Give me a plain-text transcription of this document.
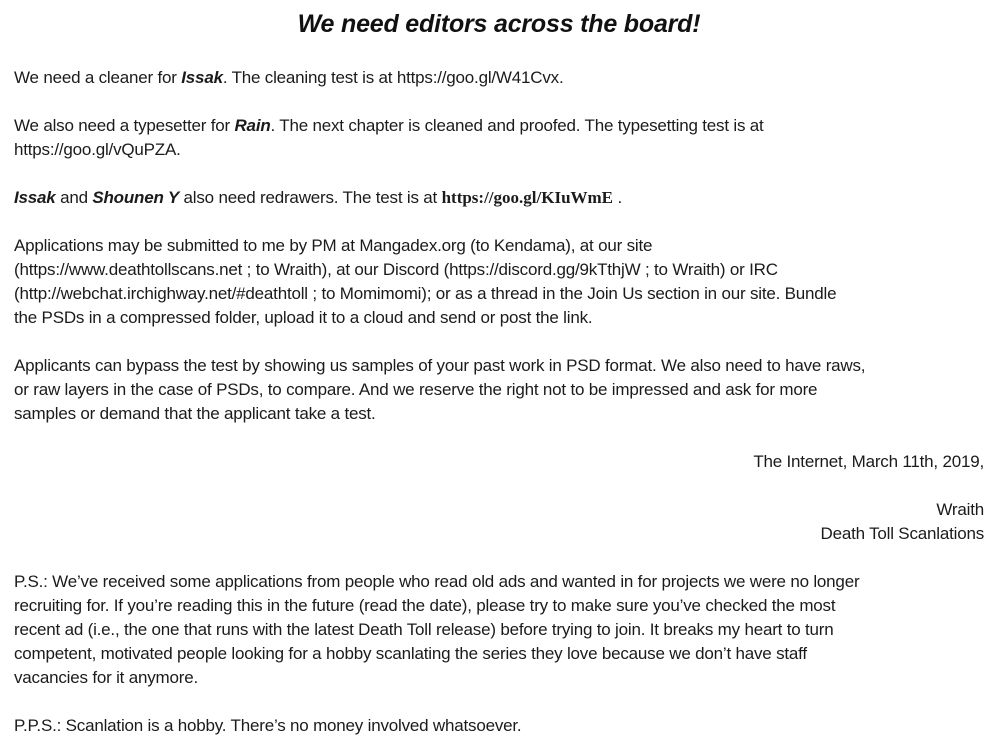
We need editors across the board!
We need a cleaner for Issak. The cleaning test is at https://goo.gl/W41Cvx.
We also need a typesetter for Rain. The next chapter is cleaned and proofed. The typesetting test is at
https://goo.gl/vQuPZA.
Issak and Shounen Y also need redrawers. The test is at https://goo.gl/KIuWmE .
Applications may be submitted to me by PM at Mangadex.org (to Kendama), at our site
(https://www.deathtollscans.net ; to Wraith), at our Discord (https://discord.gg/9kTthjW ; to Wraith) or IRC
(http://webchat.irchighway.net/#deathtoll ; to Momimomi); or as a thread in the Join Us section in our site. Bundle
the PSDs in a compressed folder, upload it to a cloud and send or post the link.
Applicants can bypass the test by showing us samples of your past work in PSD format. We also need to have raws,
or raw layers in the case of PSDs, to compare. And we reserve the right not to be impressed and ask for more
samples or demand that the applicant take a test.
The Internet, March 11th, 2019,
Wraith
Death Toll Scanlations
P.S.: We’ve received some applications from people who read old ads and wanted in for projects we were no longer
recruiting for. If you’re reading this in the future (read the date), please try to make sure you’ve checked the most
recent ad (i.e., the one that runs with the latest Death Toll release) before trying to join. It breaks my heart to turn
competent, motivated people looking for a hobby scanlating the series they love because we don’t have staff
vacancies for it anymore.
P.P.S.: Scanlation is a hobby. There’s no money involved whatsoever.
